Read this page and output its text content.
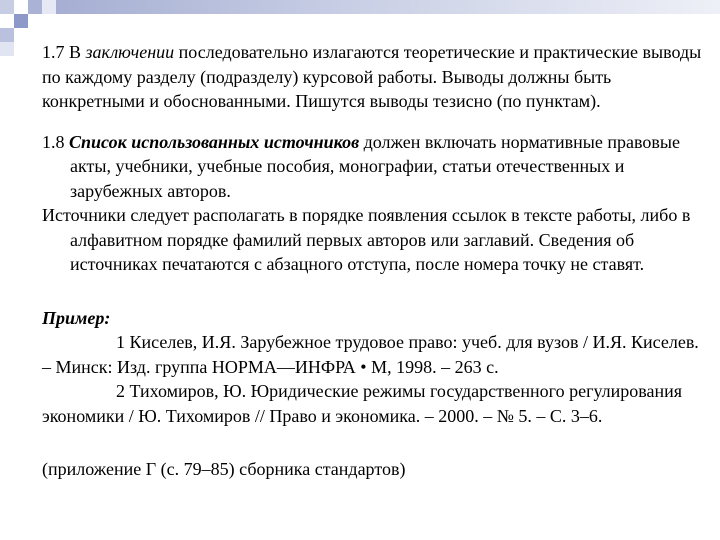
1.7 В заключении последовательно излагаются теоретические и практические выводы по каждому разделу (подразделу) курсовой работы. Выводы должны быть конкретными и обоснованными. Пишутся выводы тезисно (по пунктам).

1.8 Список использованных источников должен включать нормативные правовые акты, учебники, учебные пособия, монографии, статьи отечественных и зарубежных авторов.

Источники следует располагать в порядке появления ссылок в тексте работы, либо в алфавитном порядке фамилий первых авторов или заглавий. Сведения об источниках печатаются с абзацного отступа, после номера точку не ставят.

Пример:

1 Киселев, И.Я. Зарубежное трудовое право: учеб. для вузов / И.Я. Киселев. – Минск: Изд. группа НОРМА—ИНФРА • М, 1998. – 263 с.

2 Тихомиров, Ю. Юридические режимы государственного регулирования экономики / Ю. Тихомиров // Право и экономика. – 2000. – № 5. – С. 3–6.

(приложение Г (с. 79–85) сборника стандартов)
